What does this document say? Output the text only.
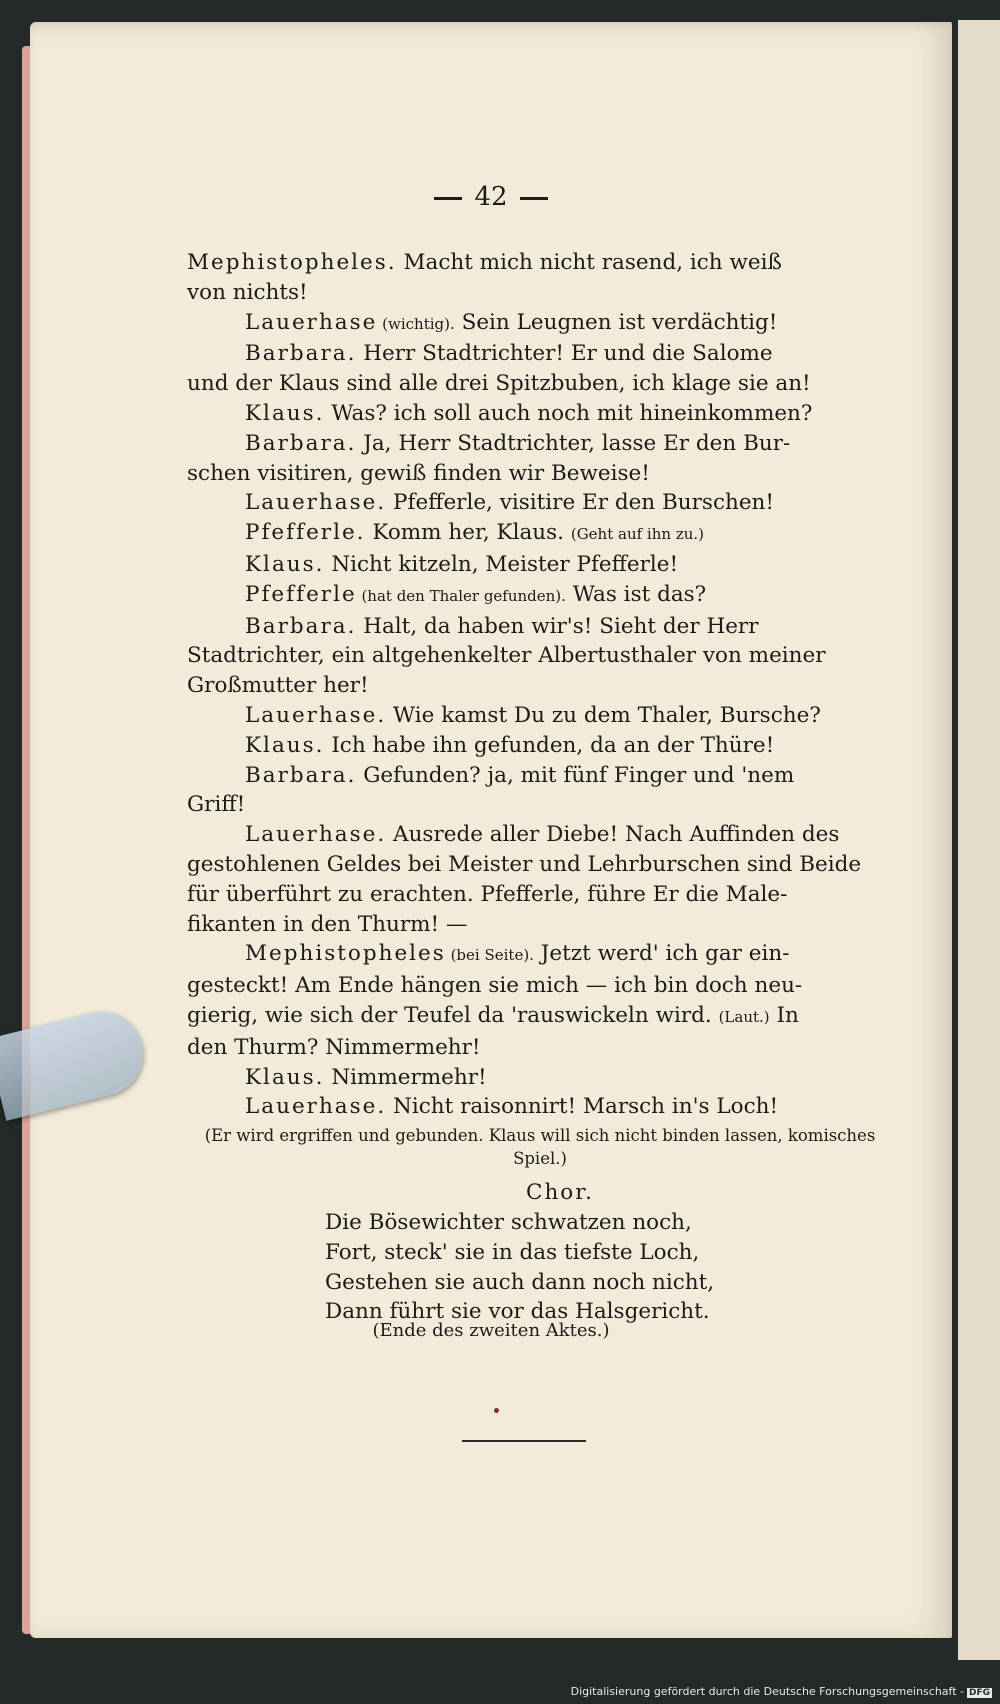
42
Mephistopheles. Macht mich nicht rasend, ich weiß
von nichts!
Lauerhase (wichtig). Sein Leugnen ist verdächtig!
Barbara. Herr Stadtrichter! Er und die Salome
und der Klaus sind alle drei Spitzbuben, ich klage sie an!
Klaus. Was? ich soll auch noch mit hineinkommen?
Barbara. Ja, Herr Stadtrichter, lasse Er den Bur-
schen visitiren, gewiß finden wir Beweise!
Lauerhase. Pfefferle, visitire Er den Burschen!
Pfefferle. Komm her, Klaus. (Geht auf ihn zu.)
Klaus. Nicht kitzeln, Meister Pfefferle!
Pfefferle (hat den Thaler gefunden). Was ist das?
Barbara. Halt, da haben wir's! Sieht der Herr
Stadtrichter, ein altgehenkelter Albertusthaler von meiner
Großmutter her!
Lauerhase. Wie kamst Du zu dem Thaler, Bursche?
Klaus. Ich habe ihn gefunden, da an der Thüre!
Barbara. Gefunden? ja, mit fünf Finger und 'nem
Griff!
Lauerhase. Ausrede aller Diebe! Nach Auffinden des
gestohlenen Geldes bei Meister und Lehrburschen sind Beide
für überführt zu erachten. Pfefferle, führe Er die Male-
fikanten in den Thurm! —
Mephistopheles (bei Seite). Jetzt werd' ich gar ein-
gesteckt! Am Ende hängen sie mich — ich bin doch neu-
gierig, wie sich der Teufel da 'rauswickeln wird. (Laut.) In
den Thurm? Nimmermehr!
Klaus. Nimmermehr!
Lauerhase. Nicht raisonnirt! Marsch in's Loch!
(Er wird ergriffen und gebunden. Klaus will sich nicht binden lassen, komisches Spiel.)
Chor.
Die Bösewichter schwatzen noch,
Fort, steck' sie in das tiefste Loch,
Gestehen sie auch dann noch nicht,
Dann führt sie vor das Halsgericht.
(Ende des zweiten Aktes.)
Digitalisierung gefördert durch die Deutsche Forschungsgemeinschaft - DFG
